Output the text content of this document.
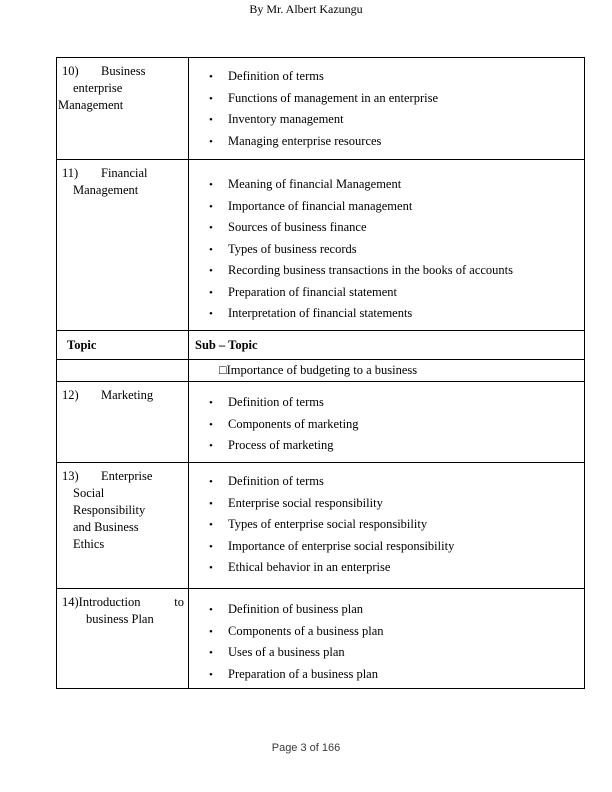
By Mr. Albert Kazungu
10) Business
enterprise
Management

• Definition of terms
• Functions of management in an enterprise
• Inventory management
• Managing enterprise resources

11) Financial
Management	• Meaning of financial Management
• Importance of financial management
• Sources of business finance
• Types of business records
• Recording business transactions in the books of accounts
• Preparation of financial statement
• Interpretation of financial statements

Topic	Sub – Topic
	□Importance of budgeting to a business

12) Marketing

• Definition of terms
• Components of marketing
• Process of marketing

13) Enterprise
Social
Responsibility
and Business
Ethics

• Definition of terms
• Enterprise social responsibility
• Types of enterprise social responsibility
• Importance of enterprise social responsibility
• Ethical behavior in an enterprise

14)Introduction	to
business Plan

• Definition of business plan
• Components of a business plan
• Uses of a business plan
• Preparation of a business plan
Page 3 of 166
